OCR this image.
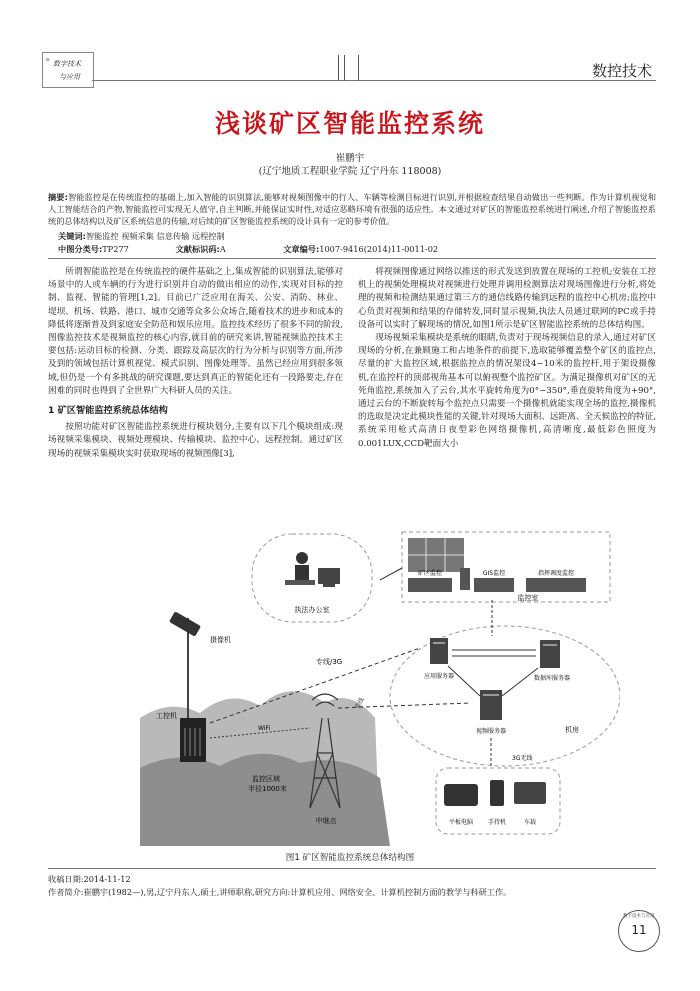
» 数字技术
与应用	数控技术
浅谈矿区智能监控系统
崔鹏宇
(辽宁地质工程职业学院 辽宁丹东 118008)
摘要:智能监控是在传统监控的基础上,加入智能的识别算法,能够对视频图像中的行人、车辆等检测目标进行识别,并根据检查结果自动做出一些判断。作为计算机视觉和人工智能结合的产物,智能监控可实现无人值守,自主判断,并能保证实时性,对适应恶略环境有很强的适应性。本文通过对矿区的智能监控系统进行阐述,介绍了智能监控系统的总体结构以及矿区系统信息的传输,对后续的矿区智能监控系统的设计具有一定的参考价值。
关键词:智能监控 视频采集 信息传输 远程控制
中图分类号:TP277	文献标识码:A	文章编号:1007-9416(2014)11-0011-02

所谓智能监控是在传统监控的硬件基础之上,集成智能的识别算法,能够对场景中的人或车辆的行为进行识别并自动的做出相应的动作,实现对目标的控制、监视、智能的管理[1,2]。目前已广泛应用在海关、公安、消防、林业、堤坝、机场、铁路、港口、城市交通等众多公众场合,随着技术的进步和成本的降低将逐渐普及到家庭安全防范和娱乐应用。监控技术经历了很多不同的阶段,图像监控技术是视频监控的核心内容,就目前的研究来讲,智能视频监控技术主要包括:运动目标的检测、分类、跟踪及高层次的行为分析与识别等方面,所涉及到的领域包括计算机视觉、模式识别、图像处理等。虽然已经应用到很多领域,但仍是一个有多挑战的研究课题,要达到真正的智能化还有一段路要走,存在困难的同时也得到了全世界广大科研人员的关注。

1 矿区智能监控系统总体结构

按照功能对矿区智能监控系统进行模块划分,主要有以下几个模块组成:现场视频采集模块、视频处理模块、传输模块、监控中心、远程控制。通过矿区现场的视频采集模块实时获取现场的视频图像[3],

将视频图像通过网络以推送的形式发送到放置在现场的工控机;安装在工控机上的视频处理模块对视频进行处理并调用检测算法对现场图像进行分析,将处理的视频和检测结果通过第三方的通信线路传输到远程的监控中心机房;监控中心负责对视频和结果的存储转发,同时显示视频,执法人员通过联网的PC或手持设备可以实时了解现场的情况,如图1所示是矿区智能监控系统的总体结构图。

现场视频采集模块是系统的眼睛,负责对于现场视频信息的录入,通过对矿区现场的分析,在兼顾施工和占地条件的前提下,选取能够覆盖整个矿区的监控点,尽量的扩大监控区域,根据监控点的情况架设4~10米的监控杆,用于架设摄像机,在监控杆的顶部视角基本可以俯视整个监控矿区。为满足摄像机对矿区的无死角监控,系统加入了云台,其水平旋转角度为0°~350°,垂直旋转角度为+90°,通过云台的不断旋转每个监控点只需要一个摄像机就能实现全场的监控,摄像机的选取是决定此模块性能的关键,针对现场大面积、远距离、全天候监控的特征,系统采用枪式高清日夜型彩色网络摄像机,高清晰度,最低彩色照度为0.001LUX,CCD靶面大小

执法办公室
矿区监控	GIS监控	指挥调度监控
监控室
应用服务器	数据库服务器
视频服务器	机房
平板电脑 手持机	车载
3G无线
摄像机
工控机
中继点
监控区域
半径1000米
专线/3G
WiFi
专线
图1 矿区智能监控系统总体结构图
收稿日期:2014-11-12
作者简介:崔鹏宇(1982—),男,辽宁丹东人,硕士,讲师职称,研究方向:计算机应用、网络安全、计算机控制方面的教学与科研工作。
数字技术与应用
11
